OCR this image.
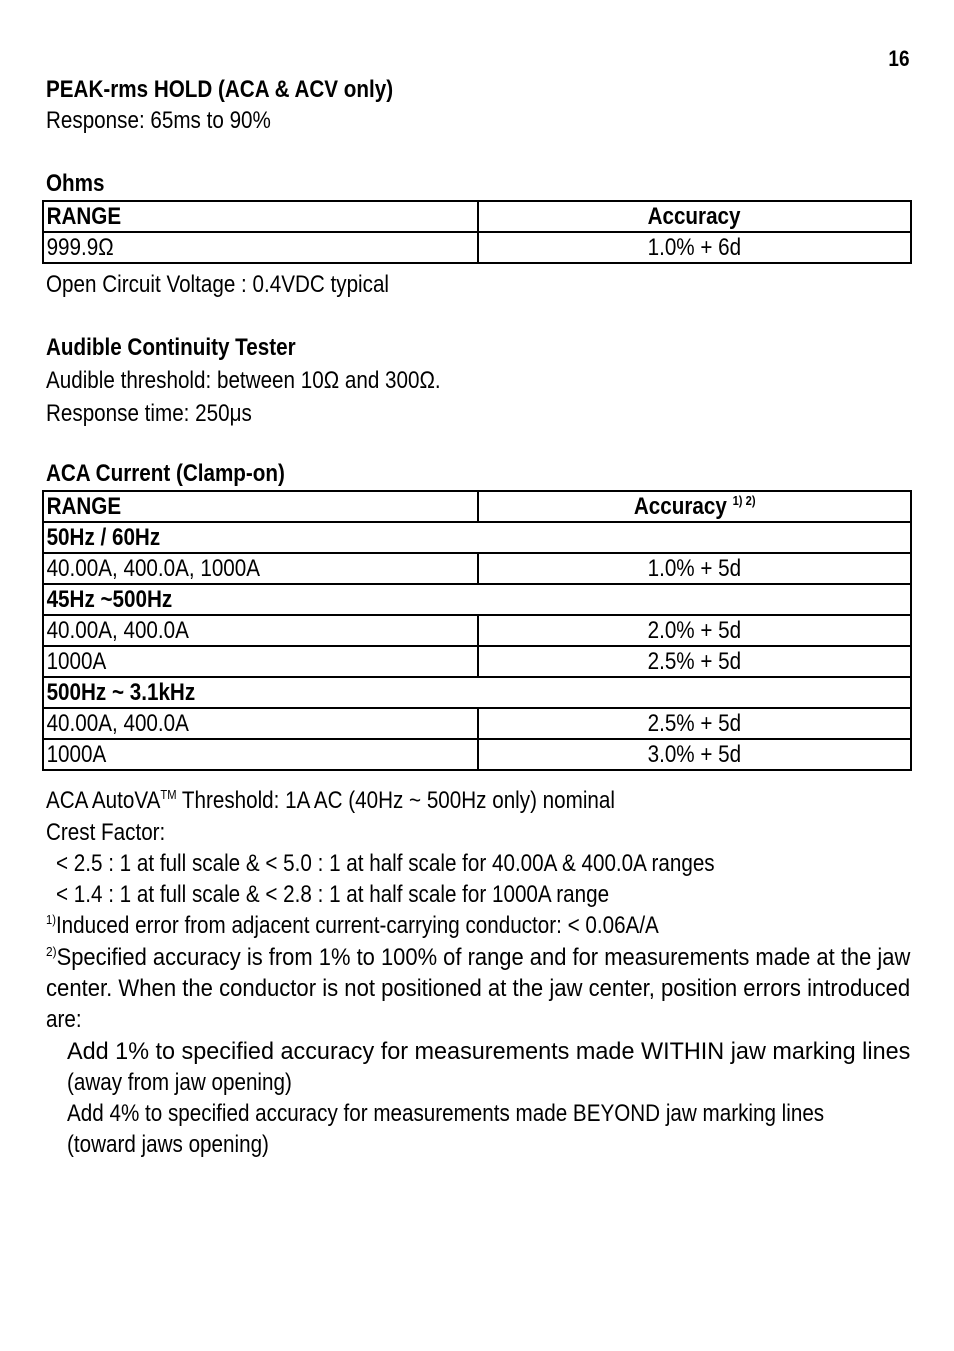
16
PEAK-rms HOLD (ACA & ACV only)
Response: 65ms to 90%
Ohms
RANGE	Accuracy
999.9Ω	1.0% + 6d
Open Circuit Voltage : 0.4VDC typical
Audible Continuity Tester
Audible threshold: between 10Ω and 300Ω.
Response time: 250μs
ACA Current (Clamp-on)
RANGE	Accuracy $^{1) 2)}$
50Hz / 60Hz	
40.00A, 400.0A, 1000A	1.0% + 5d
45Hz ~500Hz	
40.00A, 400.0A	2.0% + 5d
1000A	2.5% + 5d
500Hz ~ 3.1kHz	
40.00A, 400.0A	2.5% + 5d
1000A	3.0% + 5d
ACA AutoVA™ Threshold: 1A AC (40Hz ~ 500Hz only) nominal
Crest Factor:
< 2.5 : 1 at full scale & < 5.0 : 1 at half scale for 40.00A & 400.0A ranges
< 1.4 : 1 at full scale & < 2.8 : 1 at half scale for 1000A range
$^{1)}$Induced error from adjacent current-carrying conductor: < 0.06A/A
$^{2)}$Specified accuracy is from 1% to 100% of range and for measurements made at the jaw
center. When the conductor is not positioned at the jaw center, position errors introduced
are:
Add 1% to specified accuracy for measurements made WITHIN jaw marking lines
(away from jaw opening)
Add 4% to specified accuracy for measurements made BEYOND jaw marking lines
(toward jaws opening)
